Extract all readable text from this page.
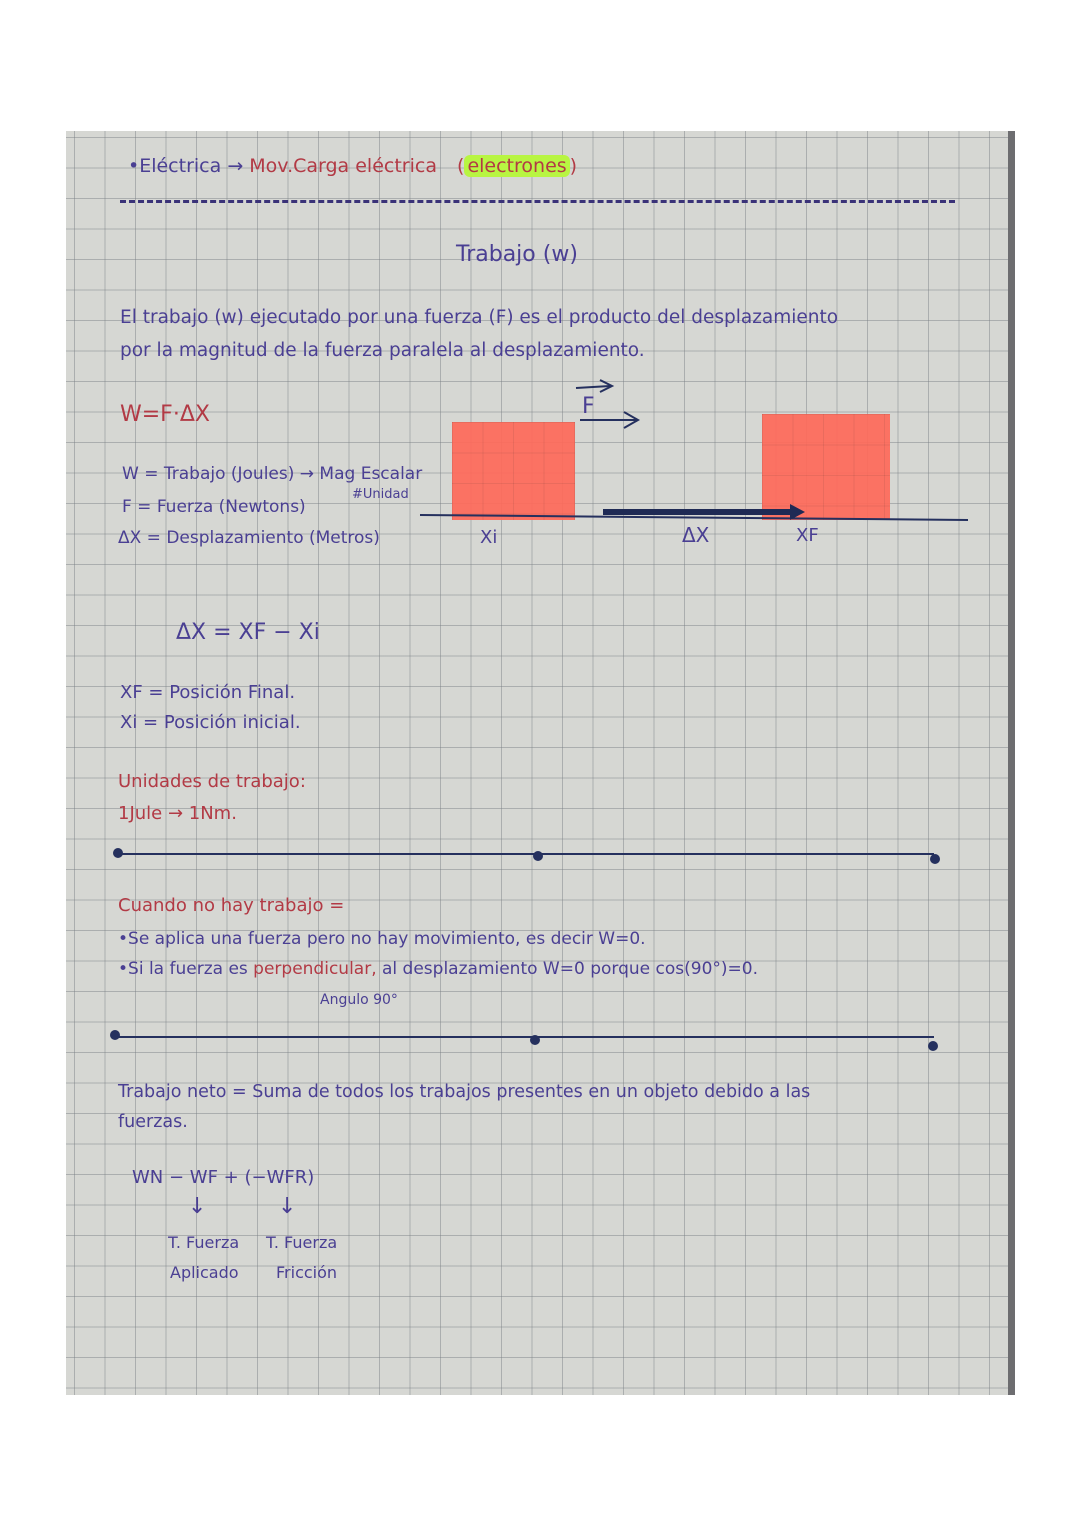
•Eléctrica → Mov.Carga eléctrica ( electrones )
Trabajo (w)
El trabajo (w) ejecutado por una fuerza (F) es el producto del desplazamiento
por la magnitud de la fuerza paralela al desplazamiento.
W=F·ΔX
W = Trabajo (Joules) → Mag Escalar
#Unidad
F = Fuerza (Newtons)
ΔX = Desplazamiento (Metros)
F
Xi	ΔX	XF
ΔX = XF − Xi
XF = Posición Final.
Xi = Posición inicial.
Unidades de trabajo:
1Jule → 1Nm.
Cuando no hay trabajo =
•Se aplica una fuerza pero no hay movimiento, es decir W=0.
•Si la fuerza es perpendicular, al desplazamiento W=0 porque cos(90°)=0.
Angulo 90°
Trabajo neto = Suma de todos los trabajos presentes en un objeto debido a las
fuerzas.
WN − WF + (−WFR)
↓	↓
T. Fuerza
Aplicado
T. Fuerza
Fricción
